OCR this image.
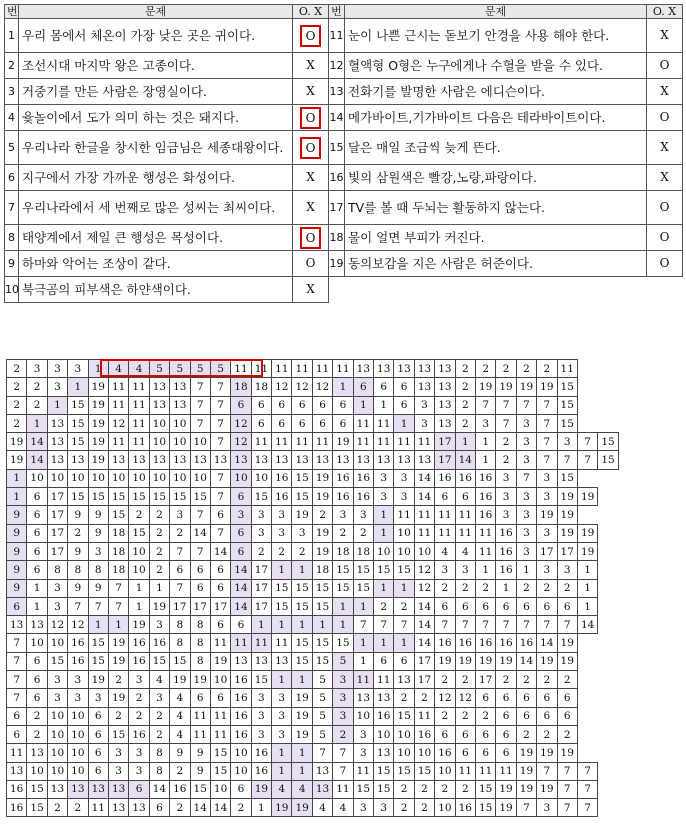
번	문제	O. X	번	문제	O. X
1	우리 몸에서 체온이 가장 낮은 곳은 귀이다.	O	11	눈이 나쁜 근시는 돋보기 안경을 사용 해야 한다.	X
2	조선시대 마지막 왕은 고종이다.	X	12	혈액형 O형은 누구에게나 수혈을 받을 수 있다.	O
3	거중기를 만든 사람은 장영실이다.	X	13	전화기를 발명한 사람은 에디슨이다.	X
4	윷놀이에서 도가 의미 하는 것은 돼지다.	O	14	메가바이트,기가바이트 다음은 테라바이트이다.	O
5	우리나라 한글을 창시한 임금님은 세종대왕이다.	O	15	달은 매일 조금씩 늦게 뜬다.	X
6	지구에서 가장 가까운 행성은 화성이다.	X	16	빛의 삼원색은 빨강,노랑,파랑이다.	X
7	우리나라에서 세 번째로 많은 성씨는 최씨이다.	X	17	TV를 볼 때 두뇌는 활동하지 않는다.	O
8	태양계에서 제일 큰 행성은 목성이다.	O	18	물이 얼면 부피가 커진다.	O
9	하마와 악어는 조상이 같다.	O	19	동의보감을 지은 사람은 허준이다.	O
10	북극곰의 피부색은 하얀색이다.	X			
2	3	3	3	1	4	4	5	5	5	5	11	11	11	11	11	11	13	13	13	13	13	2	2	2	2	2	11		
2	2	3	1	19	11	11	13	13	7	7	18	18	12	12	12	1	6	6	6	13	13	2	19	19	19	19	15		
2	2	1	15	19	11	11	13	13	7	7	6	6	6	6	6	6	1	1	6	3	13	2	7	7	7	7	15		
2	1	13	15	19	12	11	10	10	7	7	12	6	6	6	6	6	11	11	1	3	13	2	3	7	3	7	15		
19	14	13	15	19	11	11	10	10	10	7	12	11	11	11	11	19	11	11	11	11	17	1	1	2	3	7	3	7	15
19	14	13	13	19	13	13	13	13	13	13	13	13	13	13	13	13	13	13	13	13	17	14	1	2	3	7	7	7	15
1	10	10	10	10	10	10	10	10	10	7	10	10	16	15	19	16	16	3	3	14	16	16	16	3	7	3	15		
1	6	17	15	15	15	15	15	15	15	7	6	15	16	15	19	16	16	3	3	14	6	6	16	3	3	3	19	19	
9	6	17	9	9	15	2	2	3	7	6	3	3	3	19	2	3	3	1	11	11	11	11	16	3	3	19	19		
9	6	17	2	9	18	15	2	2	14	7	6	3	3	3	19	2	2	1	10	11	11	11	11	16	3	3	19	19	
9	6	17	9	3	18	10	2	7	7	14	6	2	2	2	19	18	18	10	10	10	4	4	11	16	3	17	17	19	
9	6	8	8	8	18	10	2	6	6	6	14	17	1	1	18	15	15	15	15	12	3	3	1	16	1	3	3	1	
9	1	3	9	9	7	1	1	7	6	6	14	17	15	15	15	15	15	1	1	12	2	2	2	1	2	2	2	1	
6	1	3	7	7	7	1	19	17	17	17	14	17	15	15	15	1	1	2	2	14	6	6	6	6	6	6	6	1	
13	13	12	12	1	1	19	3	8	8	6	6	1	1	1	1	1	7	7	7	14	7	7	7	7	7	7	7	14	
7	10	10	16	15	19	16	16	8	8	11	11	11	11	15	15	15	1	1	1	14	16	16	16	16	16	14	19		
7	6	15	16	15	19	16	15	15	8	19	13	13	13	15	15	5	1	6	6	17	19	19	19	19	14	19	19		
7	6	3	3	19	2	3	4	19	19	10	16	15	1	1	5	3	11	11	13	17	2	2	17	2	2	2	2		
7	6	3	3	3	19	2	3	4	6	6	16	3	3	19	5	3	13	13	2	2	12	12	6	6	6	6	6		
6	2	10	10	6	2	2	2	4	11	11	16	3	3	19	5	3	10	16	15	11	2	2	2	6	6	6	6		
6	2	10	10	6	15	16	2	4	11	11	16	3	3	19	5	2	3	10	10	16	6	6	6	6	2	2	2		
11	13	10	10	6	3	3	8	9	9	15	10	16	1	1	7	7	3	13	10	10	16	6	6	6	19	19	19		
13	10	10	10	6	3	3	8	2	9	15	10	16	1	1	13	7	11	15	15	15	10	11	11	11	19	7	7	7	
16	15	13	13	13	13	6	14	16	15	10	6	19	4	4	13	11	15	15	2	2	2	2	15	19	19	19	7	7	
16	15	2	2	11	13	13	6	2	14	14	2	1	19	19	4	4	3	3	2	2	10	16	15	19	7	3	7	7	
